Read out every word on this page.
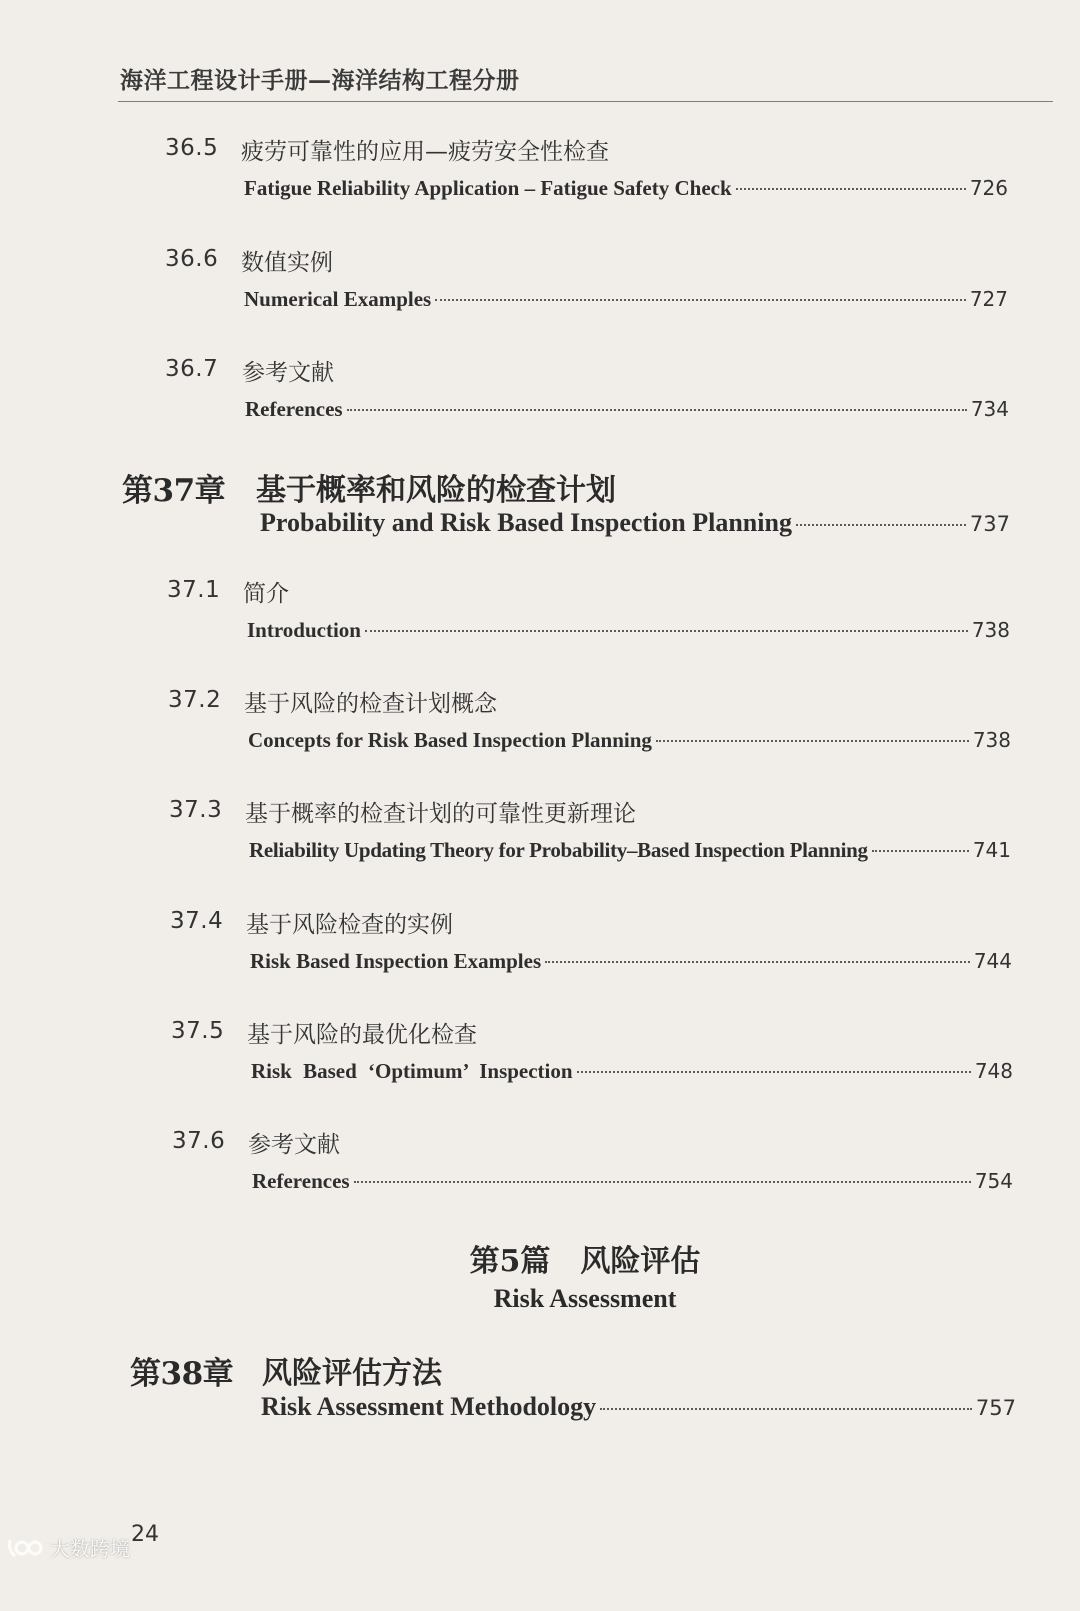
海洋工程设计手册—海洋结构工程分册
36.5 疲劳可靠性的应用—疲劳安全性检查
Fatigue Reliability Application – Fatigue Safety Check	726
36.6 数值实例
Numerical Examples	727
36.7 参考文献
References	734
第37章 基于概率和风险的检查计划
Probability and Risk Based Inspection Planning	737
37.1 简介
Introduction	738
37.2 基于风险的检查计划概念
Concepts for Risk Based Inspection Planning	738
37.3 基于概率的检查计划的可靠性更新理论
Reliability Updating Theory for Probability–Based Inspection Planning	741
37.4 基于风险检查的实例
Risk Based Inspection Examples	744
37.5 基于风险的最优化检查
Risk Based ‘Optimum’ Inspection	748
37.6 参考文献
References	754
第5篇　风险评估
Risk Assessment
第38章 风险评估方法
Risk Assessment Methodology	757
24
大数跨境
